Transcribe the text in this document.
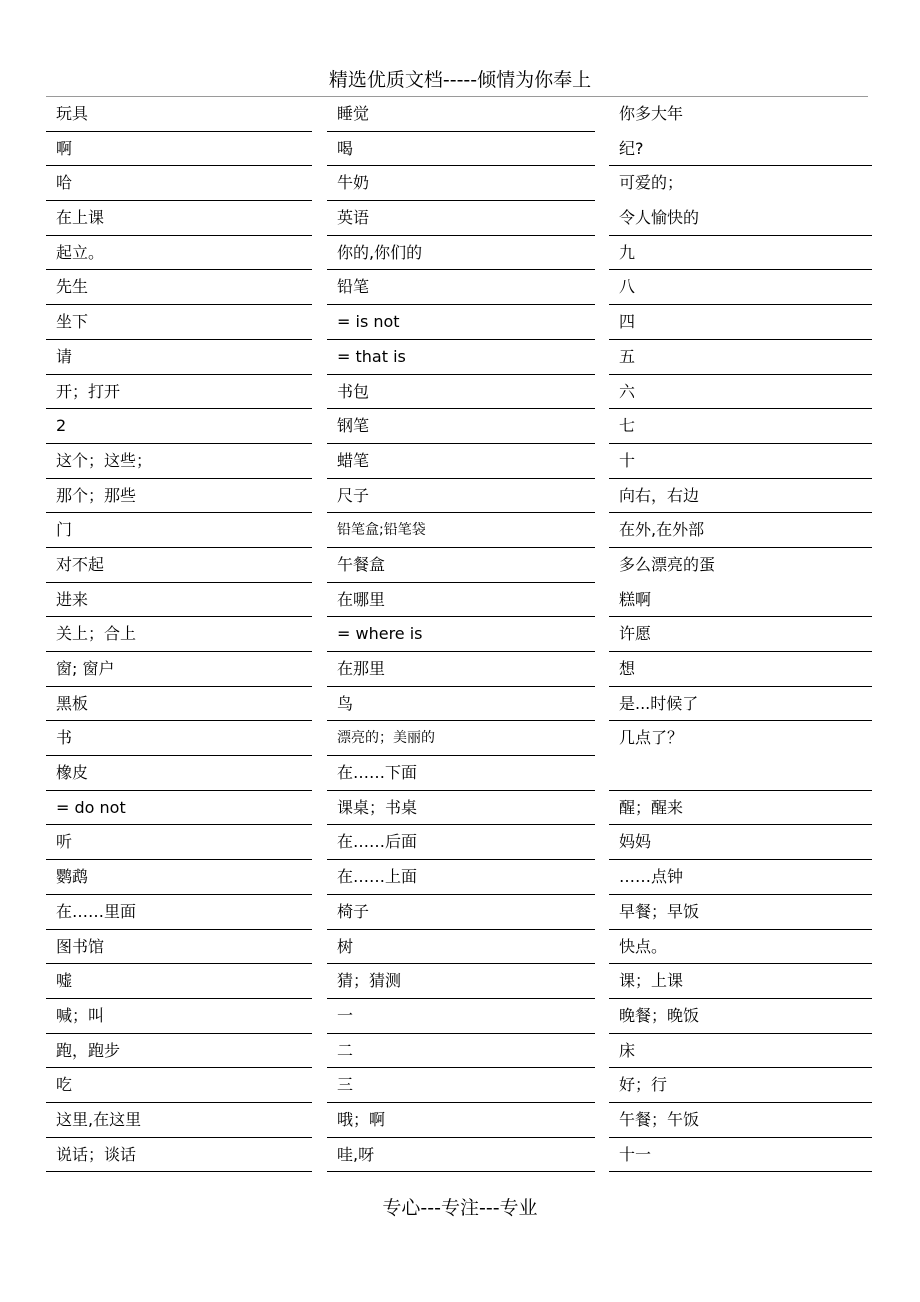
精选优质文档-----倾情为你奉上
玩具
啊
哈
在上课
起立。
先生
坐下
请
开；打开
2
这个；这些；
那个；那些
门
对不起
进来
关上；合上
窗; 窗户
黑板
书
橡皮
= do not
听
鹦鹉
在……里面
图书馆
嘘
喊；叫
跑，跑步
吃
这里,在这里
说话；谈话
睡觉
喝
牛奶
英语
你的,你们的
铅笔
= is not
= that is
书包
钢笔
蜡笔
尺子
铅笔盒;铅笔袋
午餐盒
在哪里
= where is
在那里
鸟
漂亮的；美丽的
在……下面
课桌；书桌
在……后面
在……上面
椅子
树
猜；猜测
一
二
三
哦；啊
哇,呀
你多大年
纪?
可爱的；
令人愉快的
九
八
四
五
六
七
十
向右，右边
在外,在外部
多么漂亮的蛋
糕啊
许愿
想
是...时候了
几点了？
醒；醒来
妈妈
……点钟
早餐；早饭
快点。
课；上课
晚餐；晚饭
床
好；行
午餐；午饭
十一
专心---专注---专业
